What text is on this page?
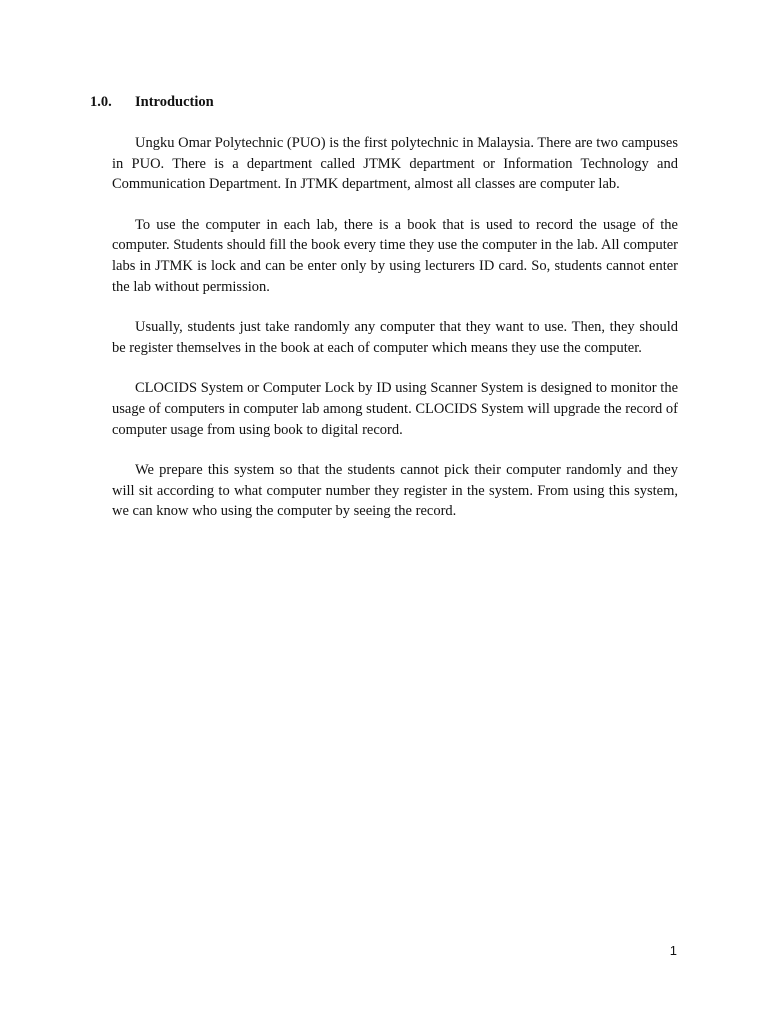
1.0. Introduction

Ungku Omar Polytechnic (PUO) is the first polytechnic in Malaysia. There are two campuses in PUO. There is a department called JTMK department or Information Technology and Communication Department. In JTMK department, almost all classes are computer lab.

To use the computer in each lab, there is a book that is used to record the usage of the computer. Students should fill the book every time they use the computer in the lab. All computer labs in JTMK is lock and can be enter only by using lecturers ID card. So, students cannot enter the lab without permission.

Usually, students just take randomly any computer that they want to use. Then, they should be register themselves in the book at each of computer which means they use the computer.

CLOCIDS System or Computer Lock by ID using Scanner System is designed to monitor the usage of computers in computer lab among student. CLOCIDS System will upgrade the record of computer usage from using book to digital record.

We prepare this system so that the students cannot pick their computer randomly and they will sit according to what computer number they register in the system. From using this system, we can know who using the computer by seeing the record.

1
